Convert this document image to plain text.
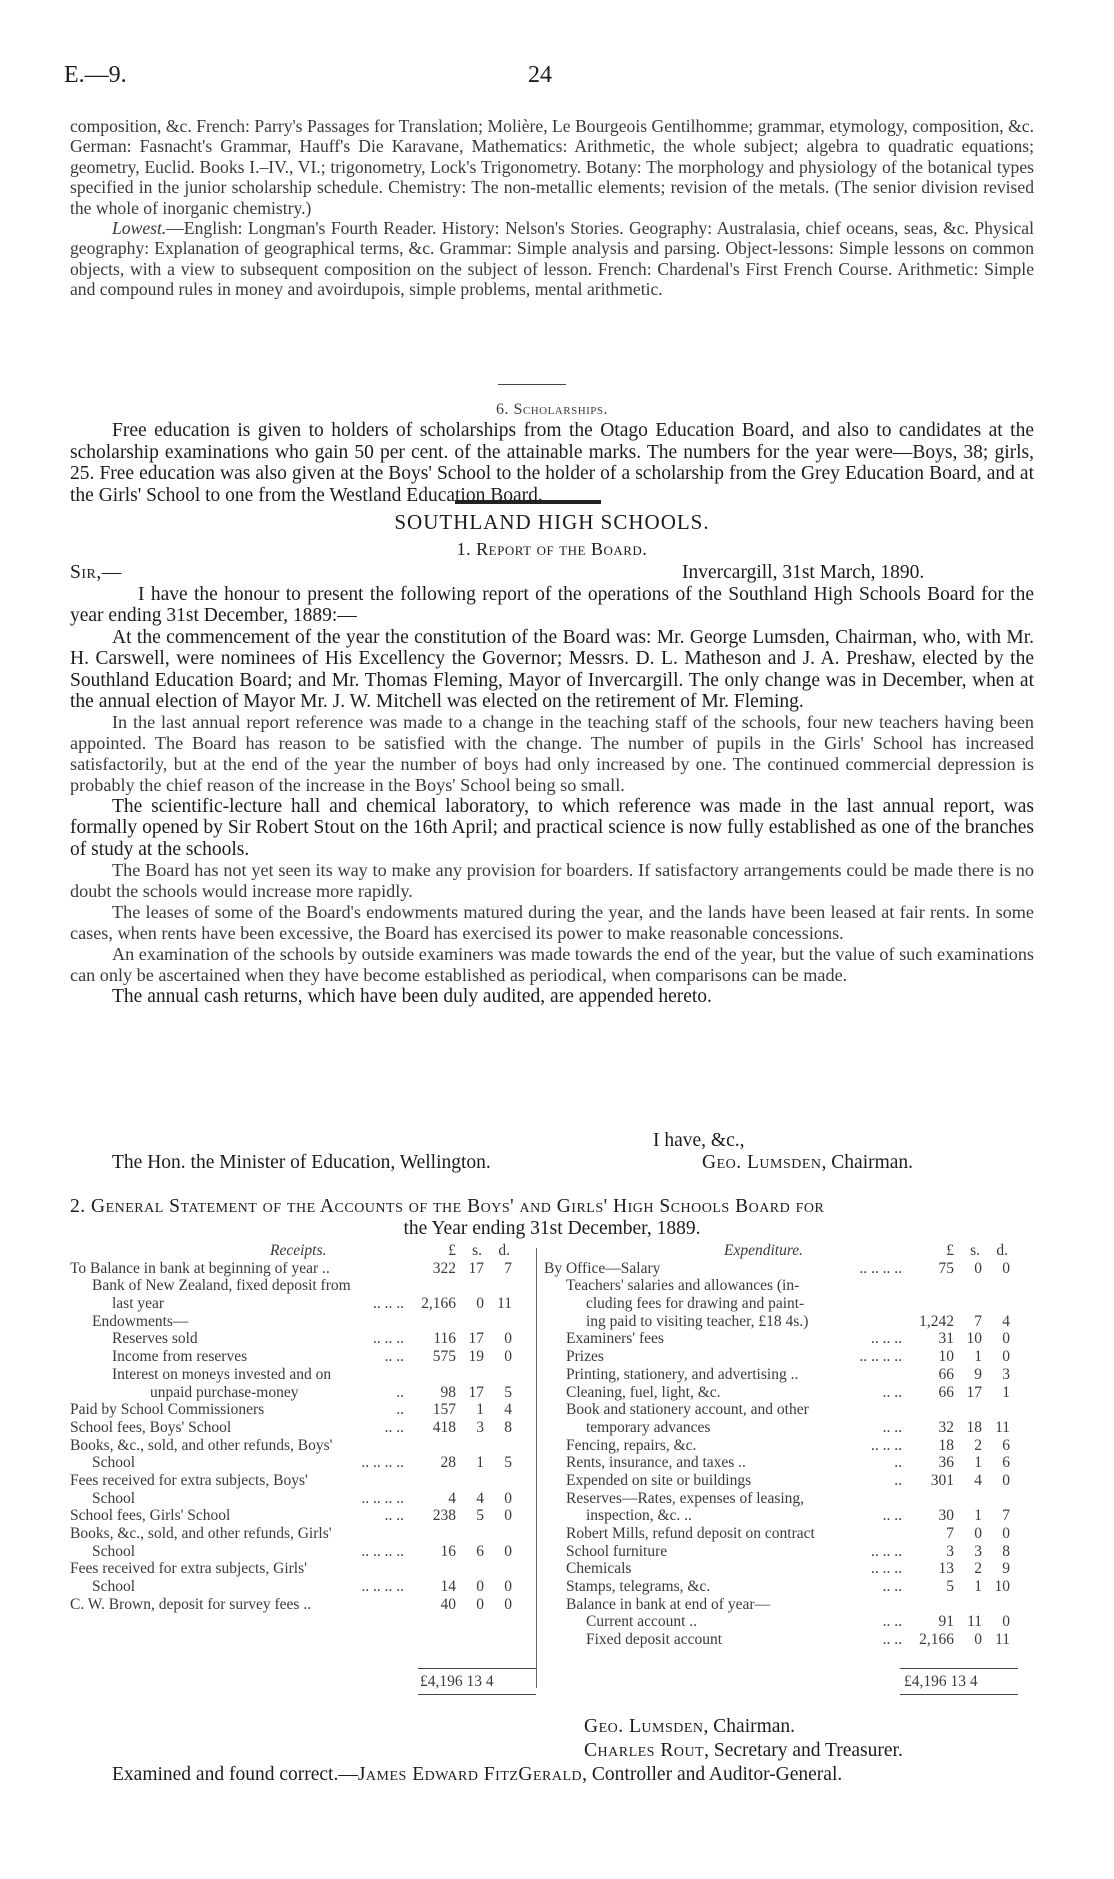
E.—9.	24

composition, &c. French: Parry's Passages for Translation; Molière, Le Bourgeois Gentilhomme; grammar, etymology, composition, &c. German: Fasnacht's Grammar, Hauff's Die Karavane, Mathematics: Arithmetic, the whole subject; algebra to quadratic equations; geometry, Euclid. Books I.–IV., VI.; trigonometry, Lock's Trigonometry. Botany: The morphology and physiology of the botanical types specified in the junior scholarship schedule. Chemistry: The non-metallic elements; revision of the metals. (The senior division revised the whole of inorganic chemistry.)

Lowest.—English: Longman's Fourth Reader. History: Nelson's Stories. Geography: Australasia, chief oceans, seas, &c. Physical geography: Explanation of geographical terms, &c. Grammar: Simple analysis and parsing. Object-lessons: Simple lessons on common objects, with a view to subsequent composition on the subject of lesson. French: Chardenal's First French Course. Arithmetic: Simple and compound rules in money and avoirdupois, simple problems, mental arithmetic.

6. Scholarships.

Free education is given to holders of scholarships from the Otago Education Board, and also to candidates at the scholarship examinations who gain 50 per cent. of the attainable marks. The numbers for the year were—Boys, 38; girls, 25. Free education was also given at the Boys' School to the holder of a scholarship from the Grey Education Board, and at the Girls' School to one from the Westland Education Board.

SOUTHLAND HIGH SCHOOLS.
1. Report of the Board.
Sir,—	Invercargill, 31st March, 1890.

I have the honour to present the following report of the operations of the Southland High Schools Board for the year ending 31st December, 1889:—

At the commencement of the year the constitution of the Board was: Mr. George Lumsden, Chairman, who, with Mr. H. Carswell, were nominees of His Excellency the Governor; Messrs. D. L. Matheson and J. A. Preshaw, elected by the Southland Education Board; and Mr. Thomas Fleming, Mayor of Invercargill. The only change was in December, when at the annual election of Mayor Mr. J. W. Mitchell was elected on the retirement of Mr. Fleming.

In the last annual report reference was made to a change in the teaching staff of the schools, four new teachers having been appointed. The Board has reason to be satisfied with the change. The number of pupils in the Girls' School has increased satisfactorily, but at the end of the year the number of boys had only increased by one. The continued commercial depression is probably the chief reason of the increase in the Boys' School being so small.

The scientific-lecture hall and chemical laboratory, to which reference was made in the last annual report, was formally opened by Sir Robert Stout on the 16th April; and practical science is now fully established as one of the branches of study at the schools.

The Board has not yet seen its way to make any provision for boarders. If satisfactory arrangements could be made there is no doubt the schools would increase more rapidly.

The leases of some of the Board's endowments matured during the year, and the lands have been leased at fair rents. In some cases, when rents have been excessive, the Board has exercised its power to make reasonable concessions.

An examination of the schools by outside examiners was made towards the end of the year, but the value of such examinations can only be ascertained when they have become established as periodical, when comparisons can be made.

The annual cash returns, which have been duly audited, are appended hereto.

I have, &c.,
The Hon. the Minister of Education, Wellington.	Geo. Lumsden, Chairman.
2. General Statement of the Accounts of the Boys' and Girls' High Schools Board for
the Year ending 31st December, 1889.
Receipts.	£	s.	d.
To Balance in bank at beginning of year ..	322 17	7
Bank of New Zealand, fixed deposit from
last year	.. .. ..	2,166	0 11
Endowments—
Reserves sold	.. .. ..	116 17	0
Income from reserves	.. ..	575 19	0
Interest on moneys invested and on
unpaid purchase-money	..	98 17	5
Paid by School Commissioners	..	157	1	4
School fees, Boys' School	.. ..	418	3	8
Books, &c., sold, and other refunds, Boys'
School	.. .. .. ..	28	1	5
Fees received for extra subjects, Boys'
School	.. .. .. ..	4	4	0
School fees, Girls' School	.. ..	238	5	0
Books, &c., sold, and other refunds, Girls'
School	.. .. .. ..	16	6	0
Fees received for extra subjects, Girls'
School	.. .. .. ..	14	0	0
C. W. Brown, deposit for survey fees ..	40	0	0
Expenditure.	£	s.	d.
By Office—Salary	.. .. .. ..	75	0	0
Teachers' salaries and allowances (in-
cluding fees for drawing and paint-
ing paid to visiting teacher, £18 4s.)	1,242	7	4
Examiners' fees	.. .. ..	31 10	0
Prizes	.. .. .. ..	10	1	0
Printing, stationery, and advertising ..	66	9	3
Cleaning, fuel, light, &c.	.. ..	66 17	1
Book and stationery account, and other
temporary advances	.. ..	32 18 11
Fencing, repairs, &c.	.. .. ..	18	2	6
Rents, insurance, and taxes ..	..	36	1	6
Expended on site or buildings	..	301	4	0
Reserves—Rates, expenses of leasing,
inspection, &c. ..	.. ..	30	1	7
Robert Mills, refund deposit on contract	7	0	0
School furniture	.. .. ..	3	3	8
Chemicals	.. .. ..	13	2	9
Stamps, telegrams, &c.	.. ..	5	1 10
Balance in bank at end of year—
Current account ..	.. ..	91 11	0
Fixed deposit account	.. ..	2,166	0 11
£4,196 13 4	£4,196 13 4
Geo. Lumsden, Chairman.
Charles Rout, Secretary and Treasurer.
Examined and found correct.—James Edward FitzGerald, Controller and Auditor-General.
